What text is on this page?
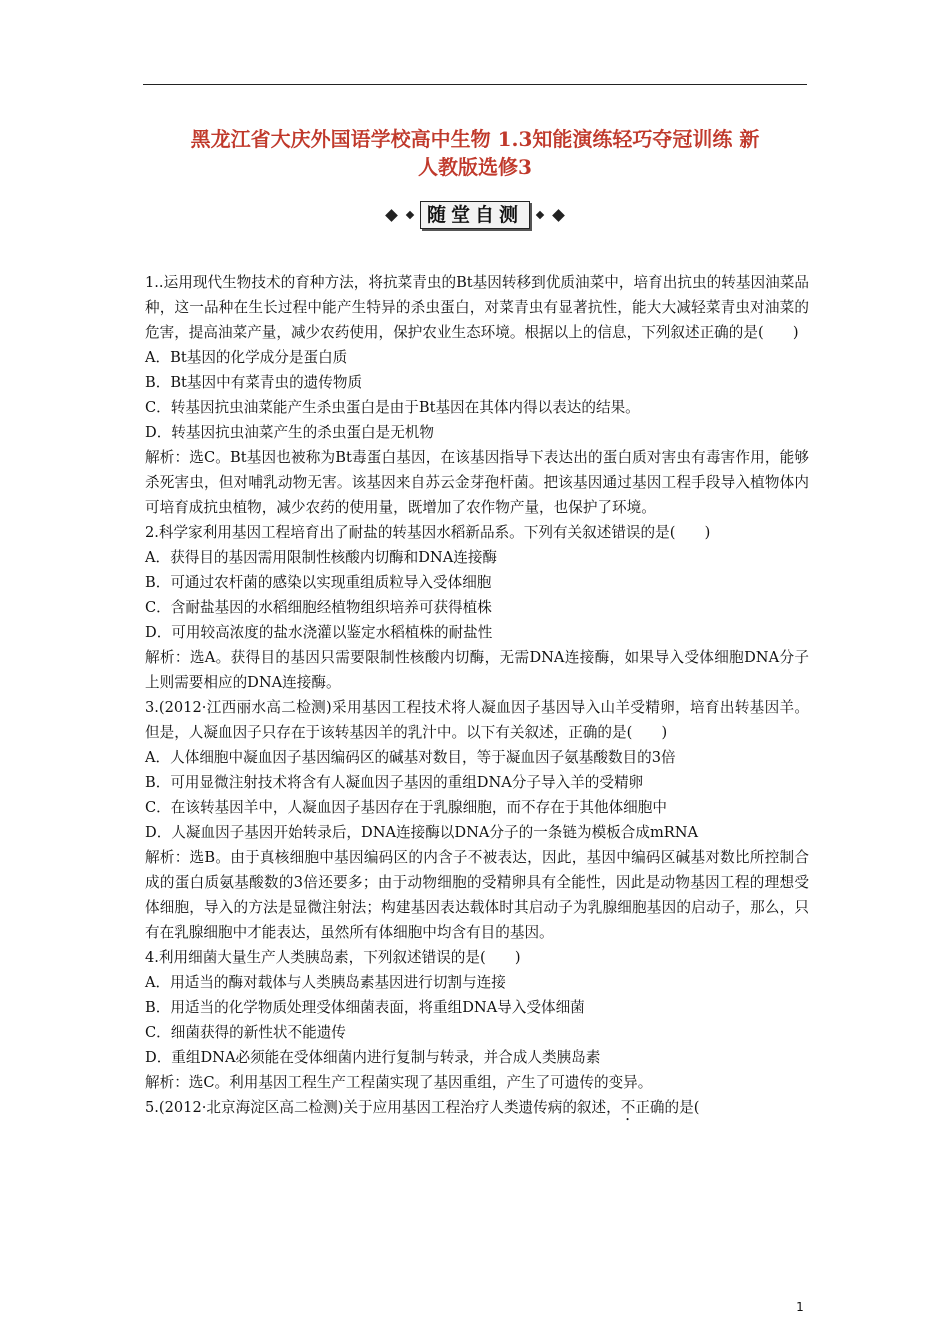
黑龙江省大庆外国语学校高中生物 1.3知能演练轻巧夺冠训练 新
人教版选修3
随堂自测

1..运用现代生物技术的育种方法，将抗菜青虫的Bt基因转移到优质油菜中，培育出抗虫的转基因油菜品种，这一品种在生长过程中能产生特异的杀虫蛋白，对菜青虫有显著抗性，能大大减轻菜青虫对油菜的危害，提高油菜产量，减少农药使用，保护农业生态环境。根据以上的信息，下列叙述正确的是(　　)

A．Bt基因的化学成分是蛋白质

B．Bt基因中有菜青虫的遗传物质

C．转基因抗虫油菜能产生杀虫蛋白是由于Bt基因在其体内得以表达的结果。

D．转基因抗虫油菜产生的杀虫蛋白是无机物

解析：选C。Bt基因也被称为Bt毒蛋白基因，在该基因指导下表达出的蛋白质对害虫有毒害作用，能够杀死害虫，但对哺乳动物无害。该基因来自苏云金芽孢杆菌。把该基因通过基因工程手段导入植物体内可培育成抗虫植物，减少农药的使用量，既增加了农作物产量，也保护了环境。

2.科学家利用基因工程培育出了耐盐的转基因水稻新品系。下列有关叙述错误的是(　　)

A．获得目的基因需用限制性核酸内切酶和DNA连接酶

B．可通过农杆菌的感染以实现重组质粒导入受体细胞

C．含耐盐基因的水稻细胞经植物组织培养可获得植株

D．可用较高浓度的盐水浇灌以鉴定水稻植株的耐盐性

解析：选A。获得目的基因只需要限制性核酸内切酶，无需DNA连接酶，如果导入受体细胞DNA分子上则需要相应的DNA连接酶。

3.(2012·江西丽水高二检测)采用基因工程技术将人凝血因子基因导入山羊受精卵，培育出转基因羊。但是，人凝血因子只存在于该转基因羊的乳汁中。以下有关叙述，正确的是(　　)

A．人体细胞中凝血因子基因编码区的碱基对数目，等于凝血因子氨基酸数目的3倍

B．可用显微注射技术将含有人凝血因子基因的重组DNA分子导入羊的受精卵

C．在该转基因羊中，人凝血因子基因存在于乳腺细胞，而不存在于其他体细胞中

D．人凝血因子基因开始转录后，DNA连接酶以DNA分子的一条链为模板合成mRNA

解析：选B。由于真核细胞中基因编码区的内含子不被表达，因此，基因中编码区碱基对数比所控制合成的蛋白质氨基酸数的3倍还要多；由于动物细胞的受精卵具有全能性，因此是动物基因工程的理想受体细胞，导入的方法是显微注射法；构建基因表达载体时其启动子为乳腺细胞基因的启动子，那么，只有在乳腺细胞中才能表达，虽然所有体细胞中均含有目的基因。

4.利用细菌大量生产人类胰岛素，下列叙述错误的是(　　)

A．用适当的酶对载体与人类胰岛素基因进行切割与连接

B．用适当的化学物质处理受体细菌表面，将重组DNA导入受体细菌

C．细菌获得的新性状不能遗传

D．重组DNA必须能在受体细菌内进行复制与转录，并合成人类胰岛素

解析：选C。利用基因工程生产工程菌实现了基因重组，产生了可遗传的变异。

5.(2012·北京海淀区高二检测)关于应用基因工程治疗人类遗传病的叙述，不正确的是(

1
